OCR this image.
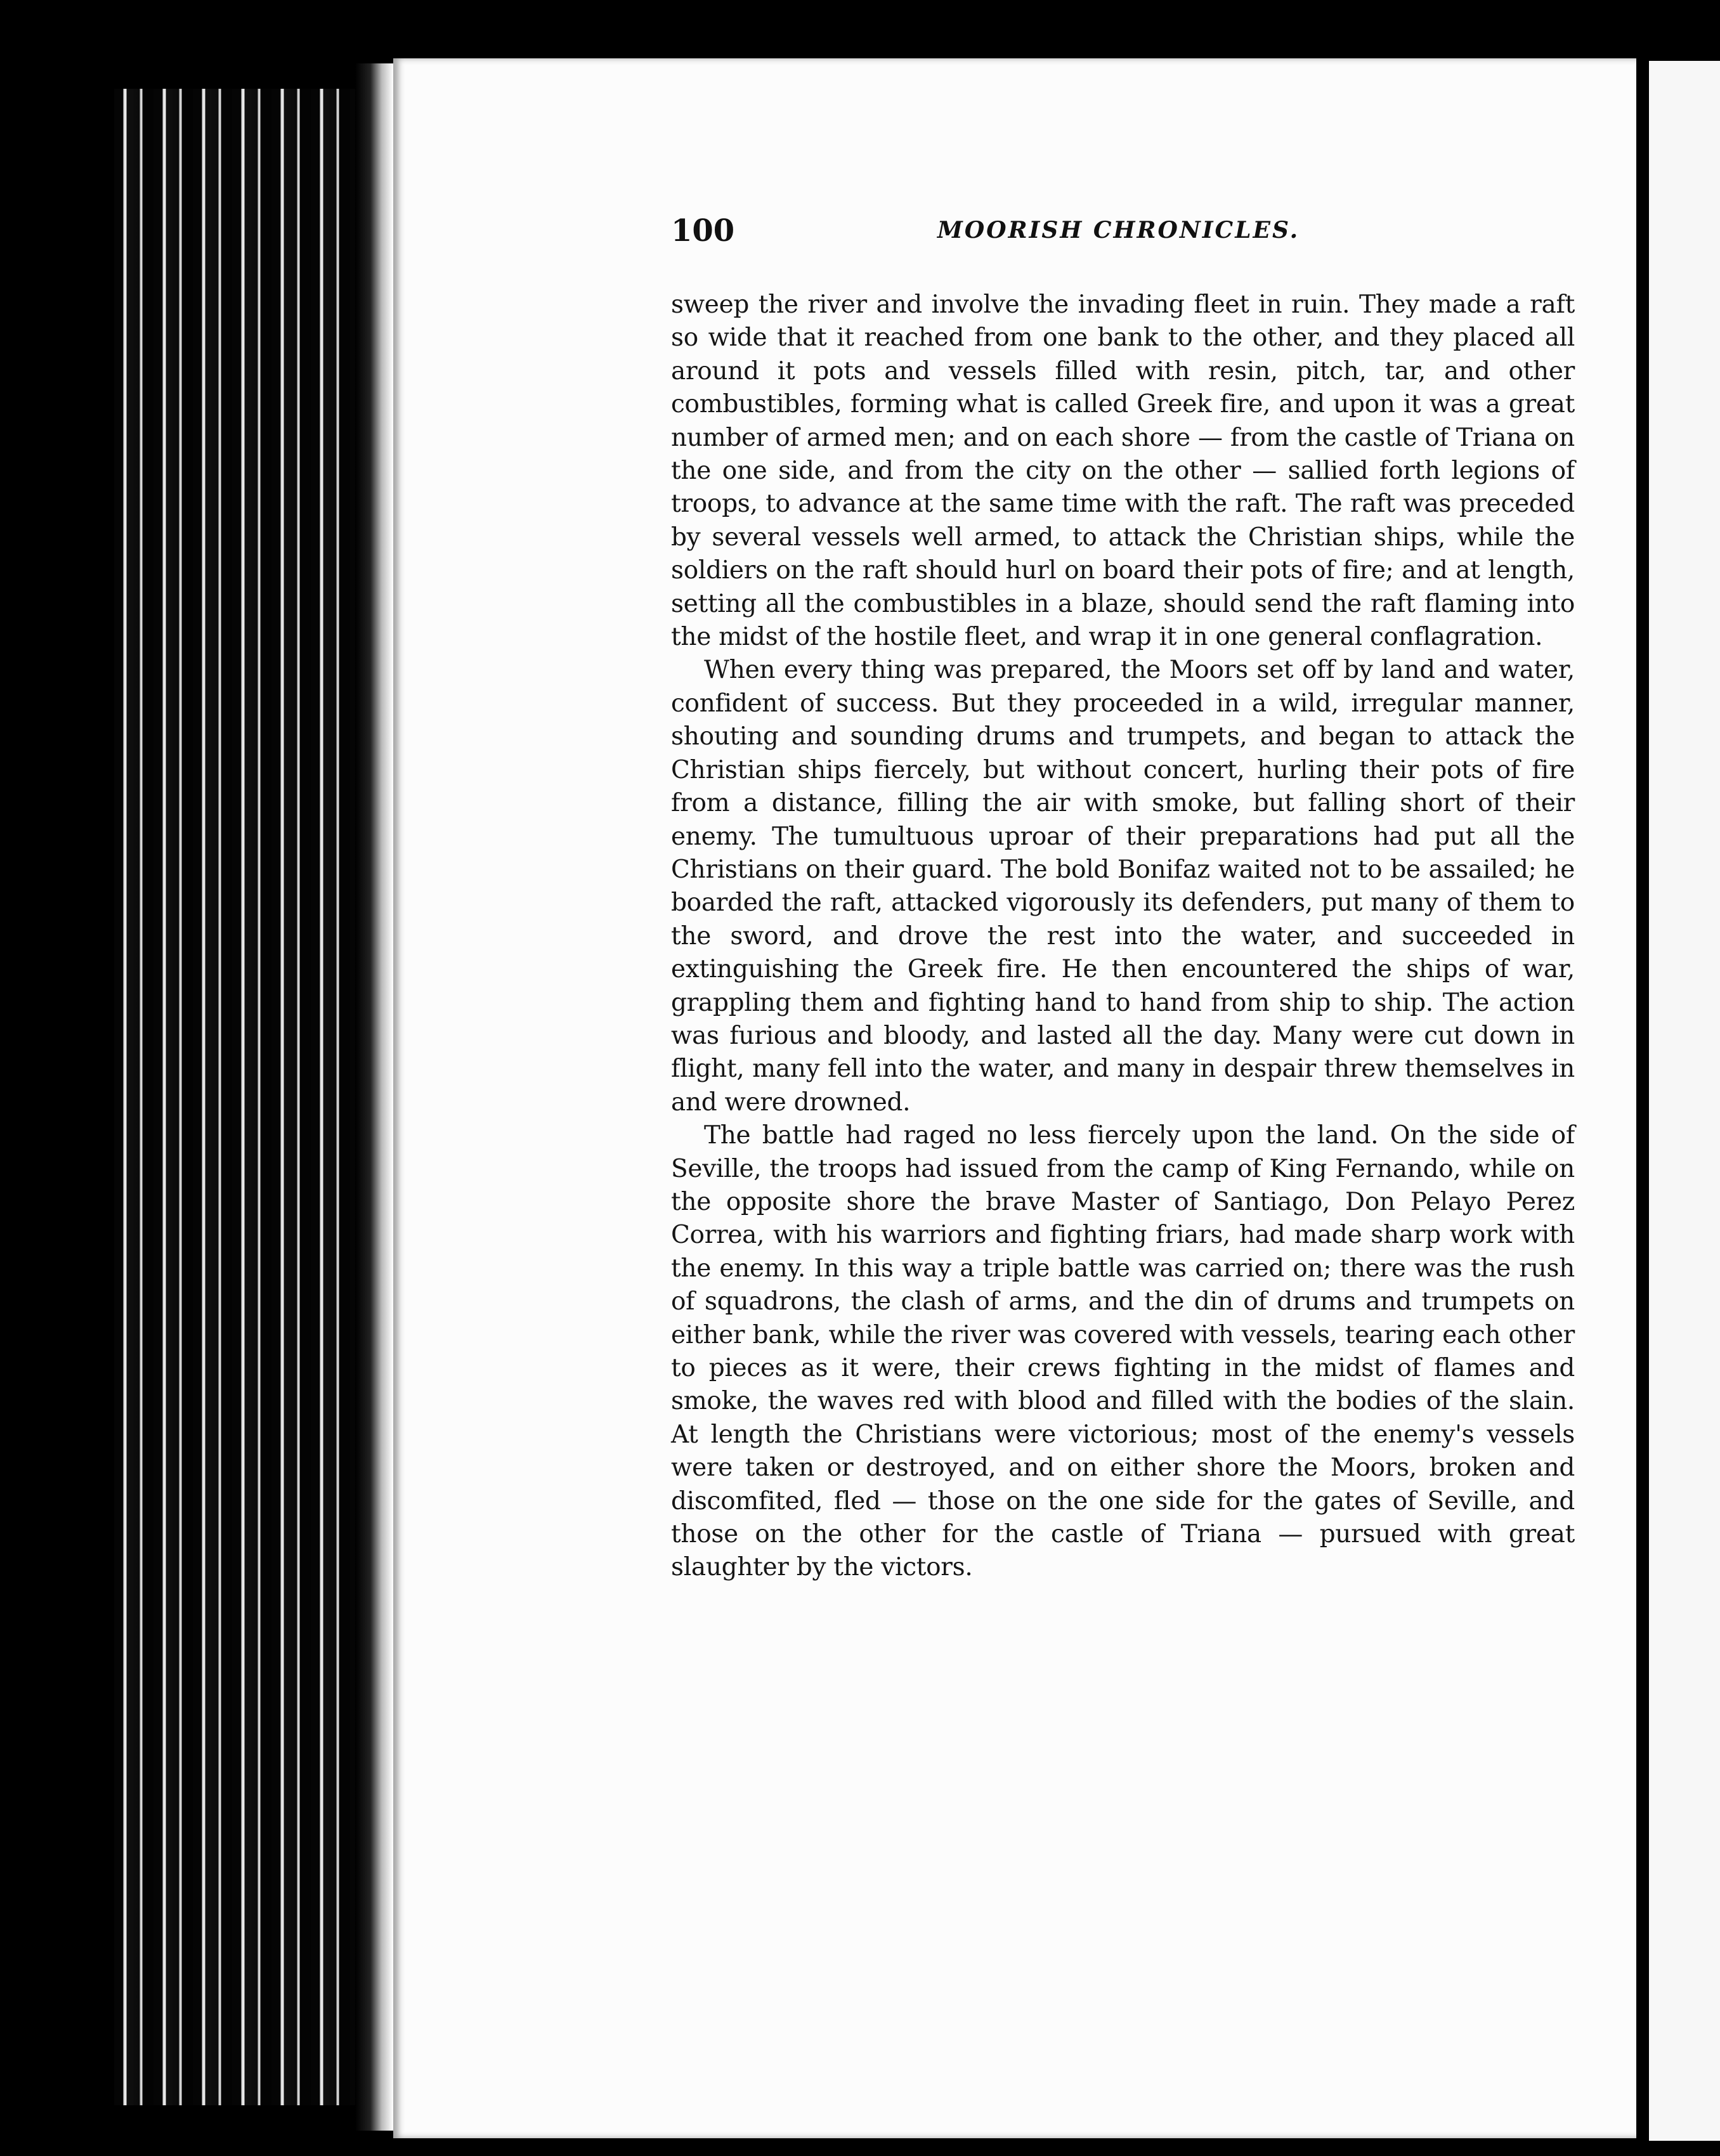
100	MOORISH CHRONICLES.

sweep the river and involve the invading fleet in ruin. They made a raft so wide that it reached from one bank to the other, and they placed all around it pots and vessels filled with resin, pitch, tar, and other combustibles, forming what is called Greek fire, and upon it was a great number of armed men; and on each shore — from the castle of Triana on the one side, and from the city on the other — sallied forth legions of troops, to advance at the same time with the raft. The raft was preceded by several vessels well armed, to attack the Christian ships, while the soldiers on the raft should hurl on board their pots of fire; and at length, setting all the combustibles in a blaze, should send the raft flaming into the midst of the hostile fleet, and wrap it in one general conflagration.

When every thing was prepared, the Moors set off by land and water, confident of success. But they proceeded in a wild, irregular manner, shouting and sounding drums and trumpets, and began to attack the Christian ships fiercely, but without concert, hurling their pots of fire from a distance, filling the air with smoke, but falling short of their enemy. The tumultuous uproar of their preparations had put all the Christians on their guard. The bold Bonifaz waited not to be assailed; he boarded the raft, attacked vigorously its defenders, put many of them to the sword, and drove the rest into the water, and succeeded in extinguishing the Greek fire. He then encountered the ships of war, grappling them and fighting hand to hand from ship to ship. The action was furious and bloody, and lasted all the day. Many were cut down in flight, many fell into the water, and many in despair threw themselves in and were drowned.

The battle had raged no less fiercely upon the land. On the side of Seville, the troops had issued from the camp of King Fernando, while on the opposite shore the brave Master of Santiago, Don Pelayo Perez Correa, with his warriors and fighting friars, had made sharp work with the enemy. In this way a triple battle was carried on; there was the rush of squadrons, the clash of arms, and the din of drums and trumpets on either bank, while the river was covered with vessels, tearing each other to pieces as it were, their crews fighting in the midst of flames and smoke, the waves red with blood and filled with the bodies of the slain. At length the Christians were victorious; most of the enemy's vessels were taken or destroyed, and on either shore the Moors, broken and discomfited, fled — those on the one side for the gates of Seville, and those on the other for the castle of Triana — pursued with great slaughter by the victors.
